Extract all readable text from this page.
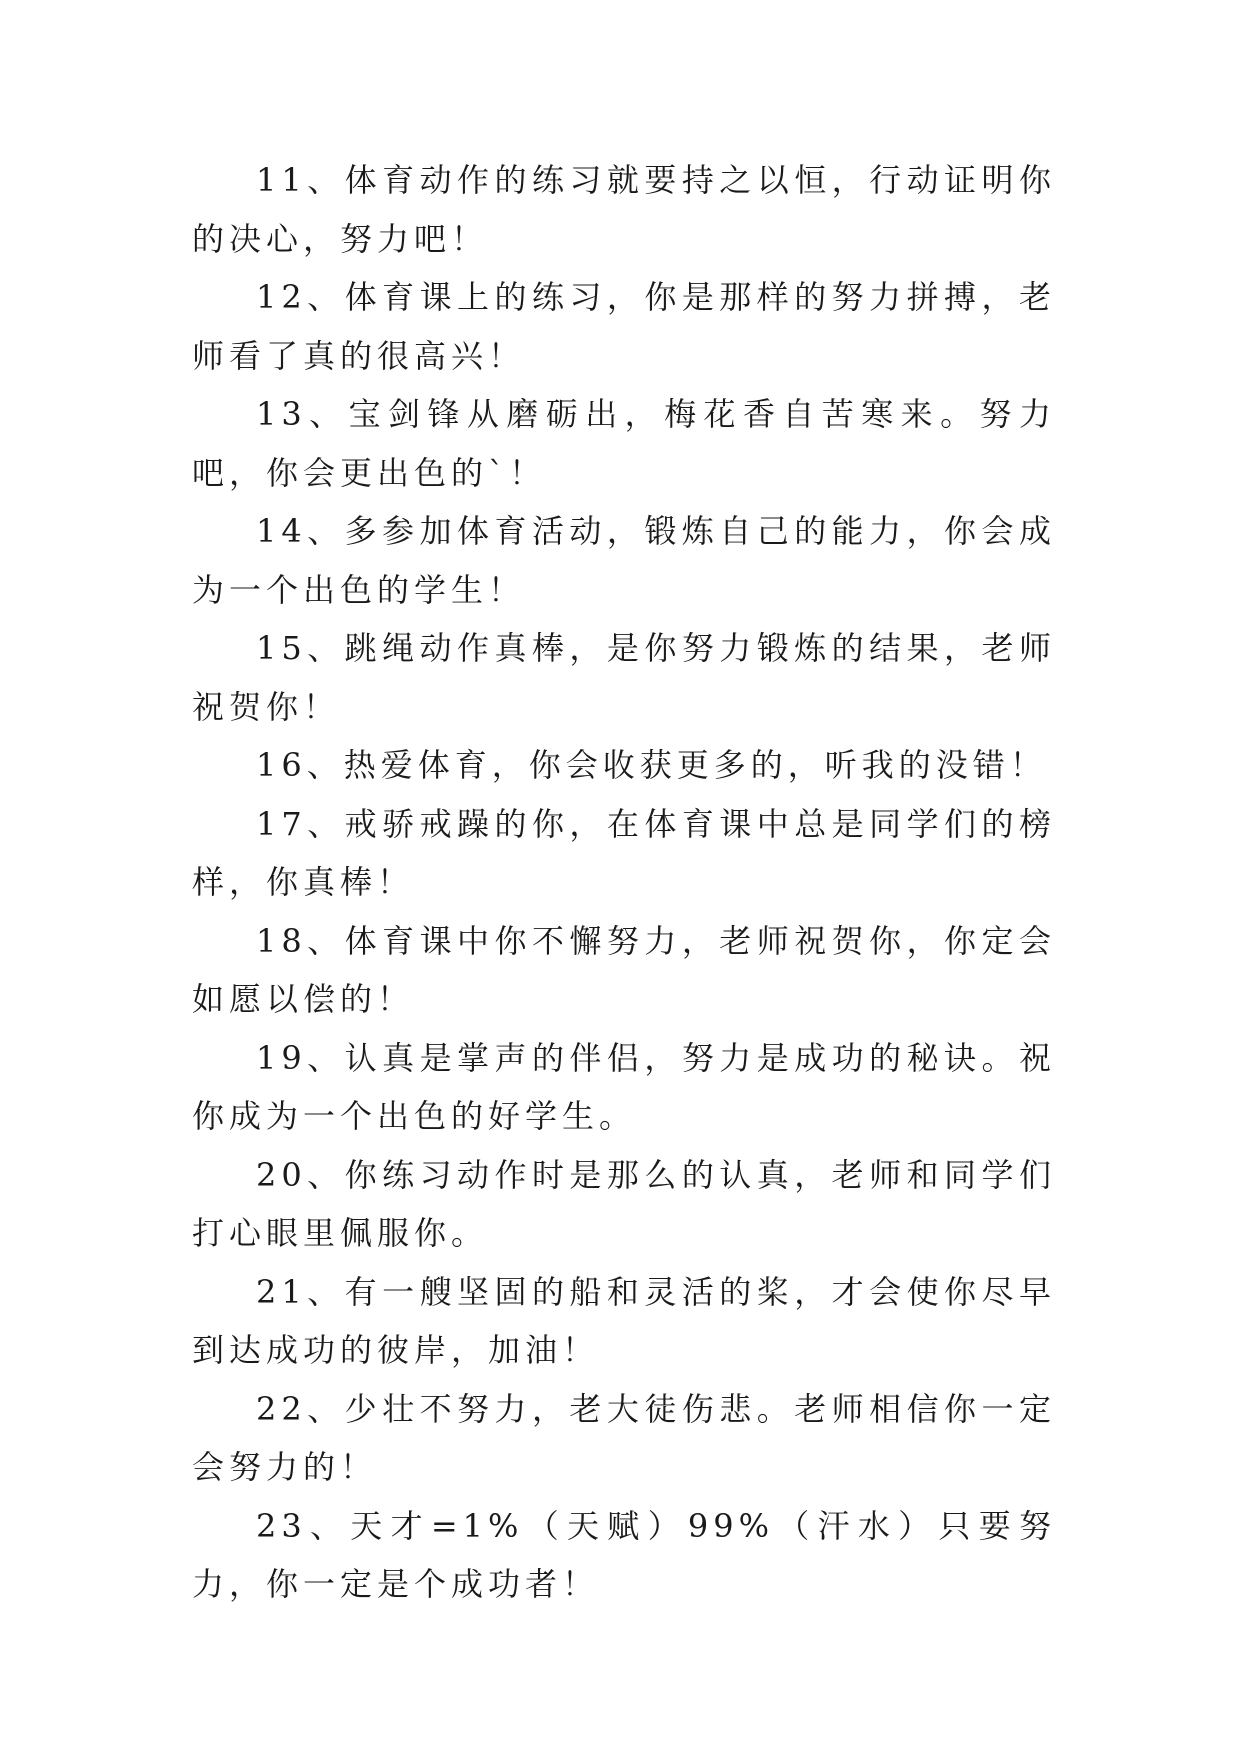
11、体育动作的练习就要持之以恒，行动证明你的决心，努力吧！

12、体育课上的练习，你是那样的努力拼搏，老师看了真的很高兴！

13、宝剑锋从磨砺出，梅花香自苦寒来。努力吧，你会更出色的`！

14、多参加体育活动，锻炼自己的能力，你会成为一个出色的学生！

15、跳绳动作真棒，是你努力锻炼的结果，老师祝贺你！

16、热爱体育，你会收获更多的，听我的没错！

17、戒骄戒躁的你，在体育课中总是同学们的榜样，你真棒！

18、体育课中你不懈努力，老师祝贺你，你定会如愿以偿的！

19、认真是掌声的伴侣，努力是成功的秘诀。祝你成为一个出色的好学生。

20、你练习动作时是那么的认真，老师和同学们打心眼里佩服你。

21、有一艘坚固的船和灵活的桨，才会使你尽早到达成功的彼岸，加油！

22、少壮不努力，老大徒伤悲。老师相信你一定会努力的！

23、天才=1%（天赋）99%（汗水）只要努力，你一定是个成功者！
